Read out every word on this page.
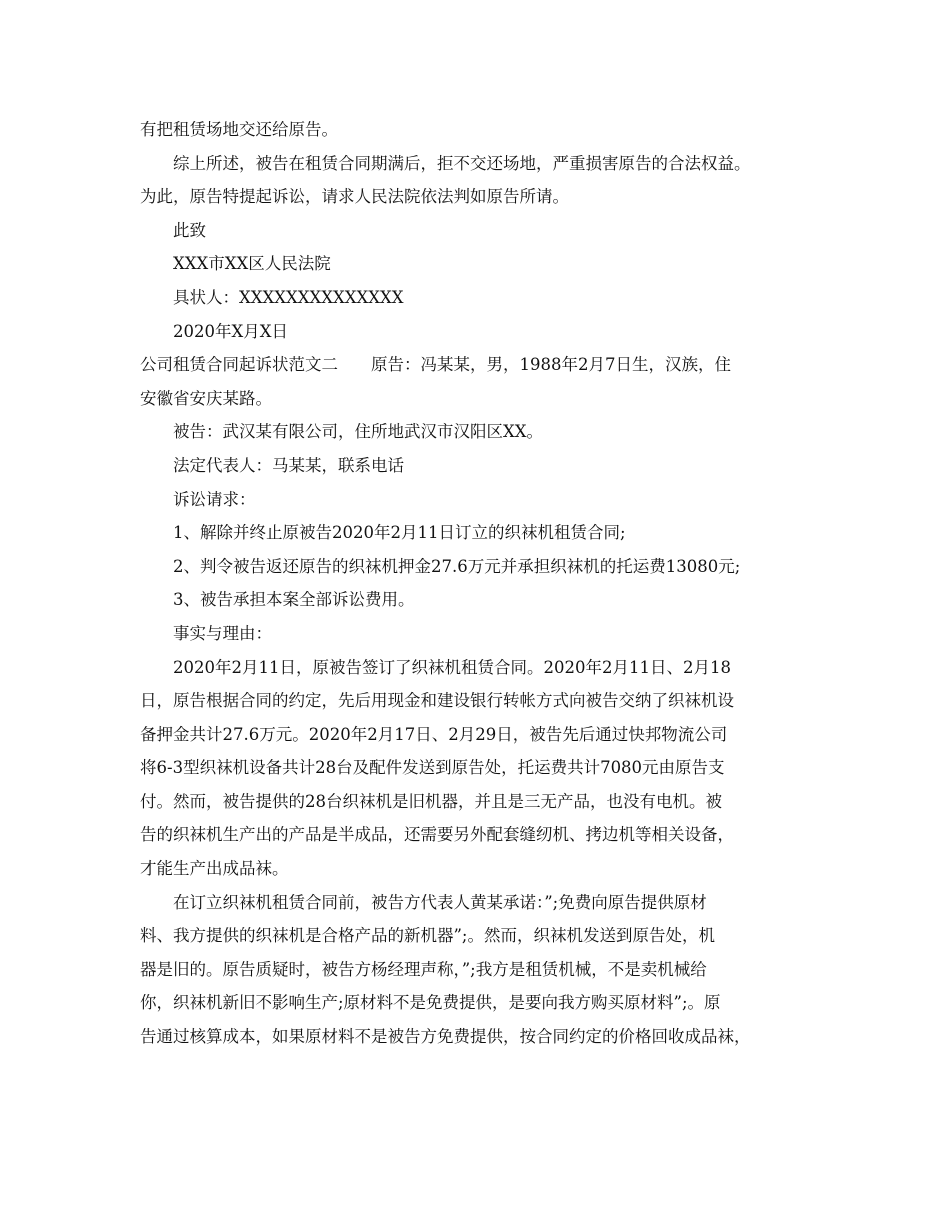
有把租赁场地交还给原告。
综上所述，被告在租赁合同期满后，拒不交还场地，严重损害原告的合法权益。
为此，原告特提起诉讼，请求人民法院依法判如原告所请。
此致
XXX市XX区人民法院
具状人：XXXXXXXXXXXXXX
2020年X月X日
公司租赁合同起诉状范文二　　原告：冯某某，男，1988年2月7日生，汉族，住
安徽省安庆某路。
被告：武汉某有限公司，住所地武汉市汉阳区XX。
法定代表人：马某某，联系电话
诉讼请求：
1、解除并终止原被告2020年2月11日订立的织袜机租赁合同;
2、判令被告返还原告的织袜机押金27.6万元并承担织袜机的托运费13080元;
3、被告承担本案全部诉讼费用。
事实与理由：
2020年2月11日，原被告签订了织袜机租赁合同。2020年2月11日、2月18
日，原告根据合同的约定，先后用现金和建设银行转帐方式向被告交纳了织袜机设
备押金共计27.6万元。2020年2月17日、2月29日，被告先后通过快邦物流公司
将6-3型织袜机设备共计28台及配件发送到原告处，托运费共计7080元由原告支
付。然而，被告提供的28台织袜机是旧机器，并且是三无产品，也没有电机。被
告的织袜机生产出的产品是半成品，还需要另外配套缝纫机、拷边机等相关设备，
才能生产出成品袜。
在订立织袜机租赁合同前，被告方代表人黄某承诺：”;免费向原告提供原材
料、我方提供的织袜机是合格产品的新机器”;。然而，织袜机发送到原告处，机
器是旧的。原告质疑时，被告方杨经理声称，”;我方是租赁机械，不是卖机械给
你，织袜机新旧不影响生产;原材料不是免费提供，是要向我方购买原材料”;。原
告通过核算成本，如果原材料不是被告方免费提供，按合同约定的价格回收成品袜，
